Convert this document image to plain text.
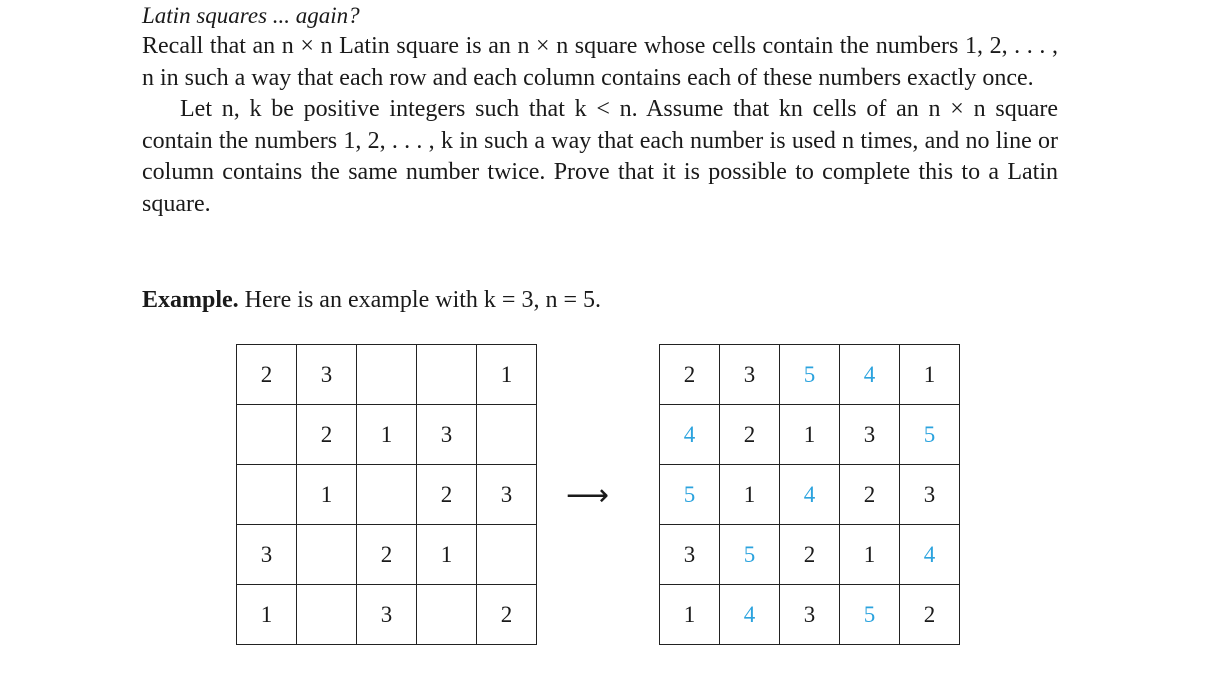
Latin squares ... again?

Recall that an n × n Latin square is an n × n square whose cells contain the numbers 1, 2, . . . , n in such a way that each row and each column contains each of these numbers exactly once.

Let n, k be positive integers such that k < n. Assume that kn cells of an n × n square contain the numbers 1, 2, . . . , k in such a way that each number is used n times, and no line or column contains the same number twice. Prove that it is possible to complete this to a Latin square.

Example. Here is an example with k = 3, n = 5.

2	3			1
	2	1	3	
	1		2	3
3		2	1	
1		3		2
⟶
2	3	5	4	1
4	2	1	3	5
5	1	4	2	3
3	5	2	1	4
1	4	3	5	2
